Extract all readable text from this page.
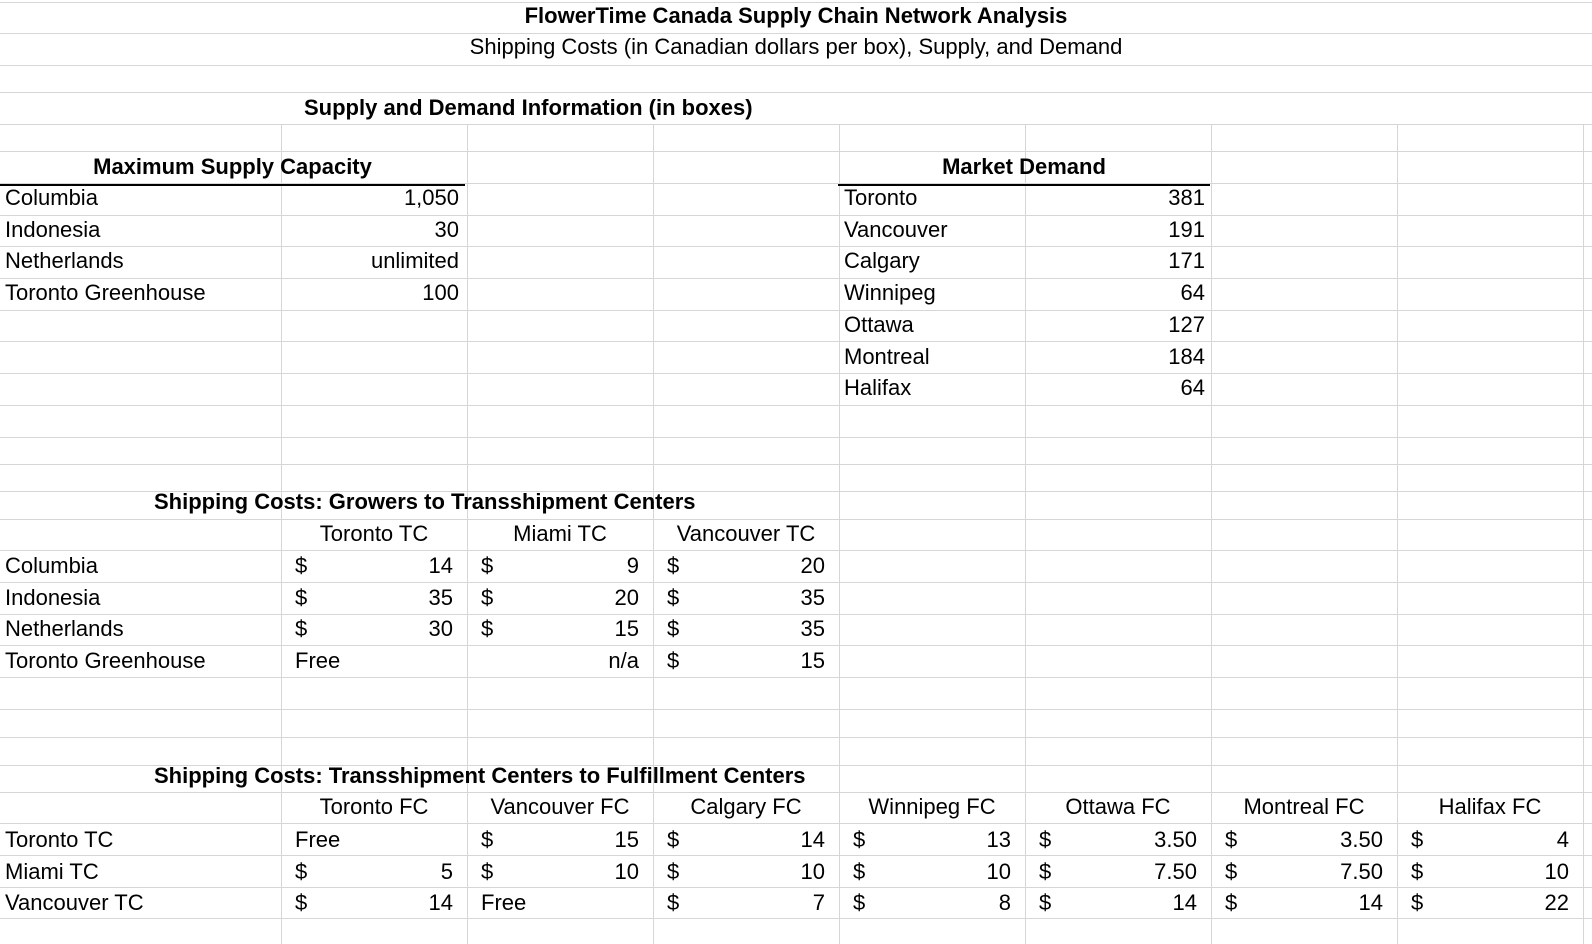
FlowerTime Canada Supply Chain Network Analysis
Shipping Costs (in Canadian dollars per box), Supply, and Demand
Supply and Demand Information (in boxes)
Maximum Supply Capacity	Market Demand
Columbia	1,050
Indonesia	30
Netherlands	unlimited
Toronto Greenhouse	100
Toronto	381
Vancouver	191
Calgary	171
Winnipeg	64
Ottawa	127
Montreal	184
Halifax	64
Shipping Costs: Growers to Transshipment Centers
Toronto TC	Miami TC	Vancouver TC
Columbia	$	14 $	9 $	20
Indonesia	$	35 $	20 $	35
Netherlands	$	30 $	15 $	35
Toronto Greenhouse	Free	n/a $	15
Shipping Costs: Transshipment Centers to Fulfillment Centers
Toronto FC	Vancouver FC	Calgary FC	Winnipeg FC	Ottawa FC	Montreal FC	Halifax FC
Toronto TC	Free	$	15 $	14 $	13 $	3.50 $	3.50 $	4
Miami TC	$	5 $	10 $	10 $	10 $	7.50 $	7.50 $	10
Vancouver TC	$	14 Free	$	7 $	8 $	14 $	14 $	22
